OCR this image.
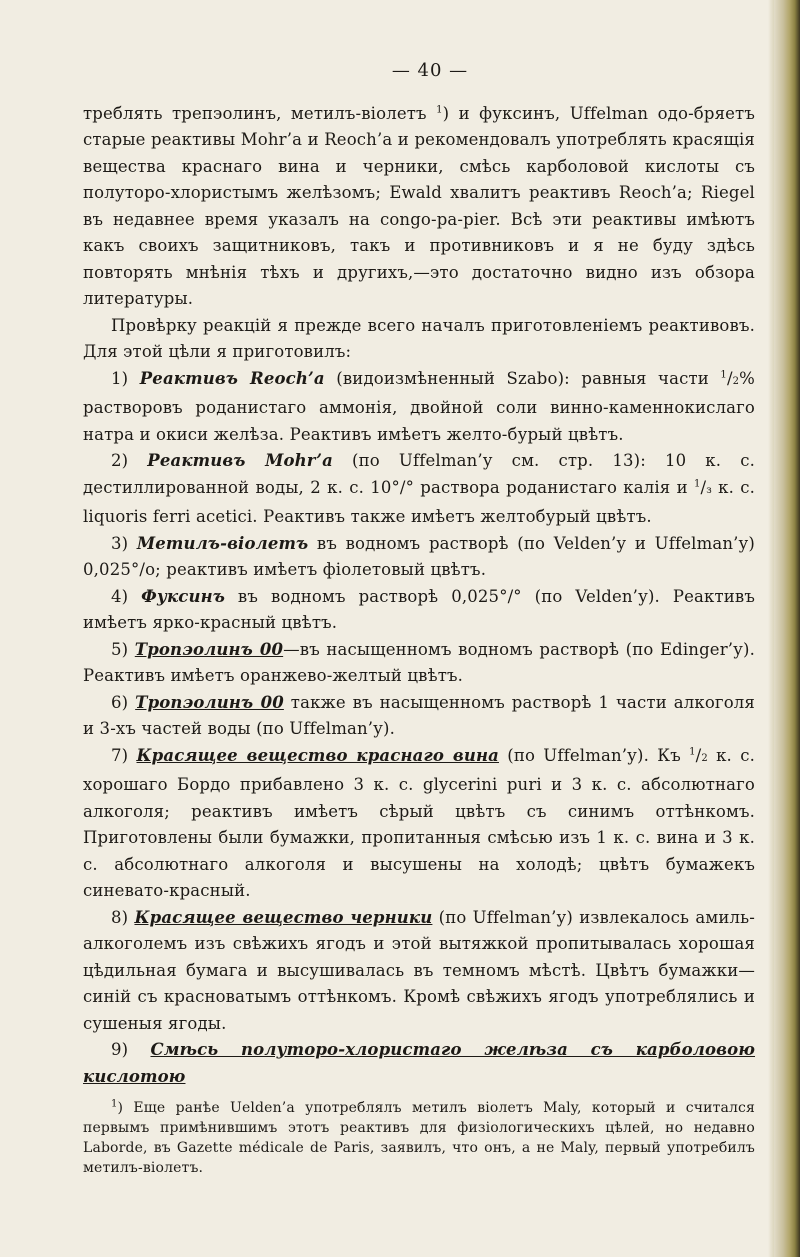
— 40 —

треблять трепэолинъ, метилъ-віолетъ $^1$) и фуксинъ, Uffelman одо-бряетъ старые реактивы Mohr’а и Reoch’а и рекомендовалъ употреблять красящія вещества краснаго вина и черники, смѣсь карболовой кислоты съ полуторо-хлористымъ желѣзомъ; Ewald хвалитъ реактивъ Reoch’а; Riegel въ недавнее время указалъ на congo-ра-pier. Всѣ эти реактивы имѣютъ какъ своихъ защитниковъ, такъ и противниковъ и я не буду здѣсь повторять мнѣнія тѣхъ и другихъ,—это достаточно видно изъ обзора литературы.

Провѣрку реакцій я прежде всего началъ приготовленіемъ реактивовъ. Для этой цѣли я приготовилъ:

1) Реактивъ Reoch’а (видоизмѣненный Szabo): равныя части $^1$/2% растворовъ роданистаго аммонія, двойной соли винно-каменнокислаго натра и окиси желѣза. Реактивъ имѣетъ желто-бурый цвѣтъ.

2) Реактивъ Mohr’а (по Uffelman’у см. стр. 13): 10 к. с. дестиллированной воды, 2 к. с. 10°/° раствора роданистаго калія и $^1$/з к. с. liquoris ferri acetici. Реактивъ также имѣетъ желтобурый цвѣтъ.

3) Метилъ-віолетъ въ водномъ растворѣ (по Velden’у и Uffelman’у) 0,025°/о; реактивъ имѣетъ фіолетовый цвѣтъ.

4) Фуксинъ въ водномъ растворѣ 0,025°/° (по Velden’у). Реактивъ имѣетъ ярко-красный цвѣтъ.

5) Тропэолинъ 00—въ насыщенномъ водномъ растворѣ (по Edinger’у). Реактивъ имѣетъ оранжево-желтый цвѣтъ.

6) Тропэолинъ 00 также въ насыщенномъ растворѣ 1 части алкоголя и 3-хъ частей воды (по Uffelman’у).

7) Красящее вещество краснаго вина (по Uffelman’у). Къ $^1$/2 к. с. хорошаго Бордо прибавлено 3 к. с. glycerini puri и 3 к. с. абсолютнаго алкоголя; реактивъ имѣетъ сѣрый цвѣтъ съ синимъ оттѣнкомъ. Приготовлены были бумажки, пропитанныя смѣсью изъ 1 к. с. вина и 3 к. с. абсолютнаго алкоголя и высушены на холодѣ; цвѣтъ бумажекъ синевато-красный.

8) Красящее вещество черники (по Uffelman’у) извлекалось амиль-алкоголемъ изъ свѣжихъ ягодъ и этой вытяжкой пропитывалась хорошая цѣдильная бумага и высушивалась въ темномъ мѣстѣ. Цвѣтъ бумажки—синій съ красноватымъ оттѣнкомъ. Кромѣ свѣжихъ ягодъ употреблялись и сушеныя ягоды.

9) Смѣсь полуторо-хлористаго желѣза съ карболовою кислотою

$^1$) Еще ранѣе Uelden’а употреблялъ метилъ віолетъ Maly, который и считался первымъ примѣнившимъ этотъ реактивъ для физіологическихъ цѣлей, но недавно Laborde, въ Gazette médicale de Paris, заявилъ, что онъ, а не Maly, первый употребилъ метилъ-віолетъ.
